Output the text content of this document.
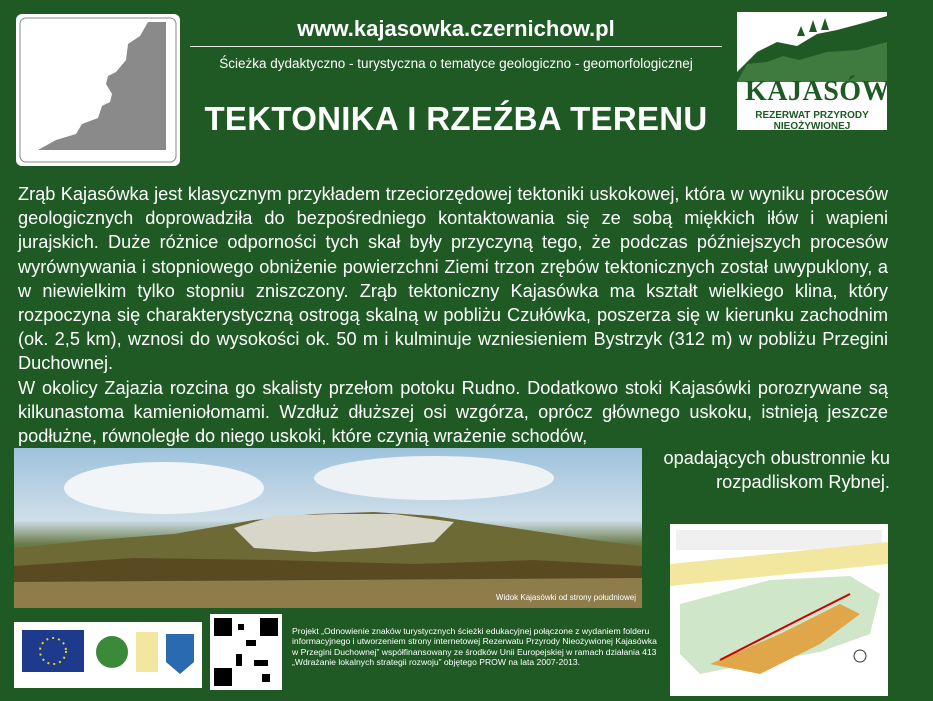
www.kajasowka.czernichow.pl
Ścieżka dydaktyczno - turystyczna o tematyce geologiczno - geomorfologicznej
TEKTONIKA I RZEŹBA TERENU
KAJASÓWKA
REZERWAT PRZYRODY NIEOŻYWIONEJ
Zrąb Kajasówka jest klasycznym przykładem trzeciorzędowej tektoniki uskokowej, która w wyniku procesów geologicznych doprowadziła do bezpośredniego kontaktowania się ze sobą miękkich iłów i wapieni jurajskich. Duże różnice odporności tych skał były przyczyną tego, że podczas późniejszych procesów wyrównywania i stopniowego obniżenie powierzchni Ziemi trzon zrębów tektonicznych został uwypuklony, a w niewielkim tylko stopniu zniszczony. Zrąb tektoniczny Kajasówka ma kształt wielkiego klina, który rozpoczyna się charakterystyczną ostrogą skalną w pobliżu Czułówka, poszerza się w kierunku zachodnim (ok. 2,5 km), wznosi do wysokości ok. 50 m i kulminuje wzniesieniem Bystrzyk (312 m) w pobliżu Przegini Duchownej.
W okolicy Zajazia rozcina go skalisty przełom potoku Rudno. Dodatkowo stoki Kajasówki porozrywane są kilkunastoma kamieniołomami. Wzdłuż dłuższej osi wzgórza, oprócz głównego uskoku, istnieją jeszcze podłużne, równoległe do niego uskoki, które czynią wrażenie schodów,
opadających obustronnie ku rozpadliskom Rybnej.
Widok Kajasówki od strony południowej
Projekt „Odnowienie znaków turystycznych ścieżki edukacyjnej połączone z wydaniem folderu informacyjnego i utworzeniem strony internetowej Rezerwatu Przyrody Nieożywionej Kajasówka w Przegini Duchownej” współfinansowany ze środków Unii Europejskiej w ramach działania 413 „Wdrażanie lokalnych strategii rozwoju” objętego PROW na lata 2007-2013.
